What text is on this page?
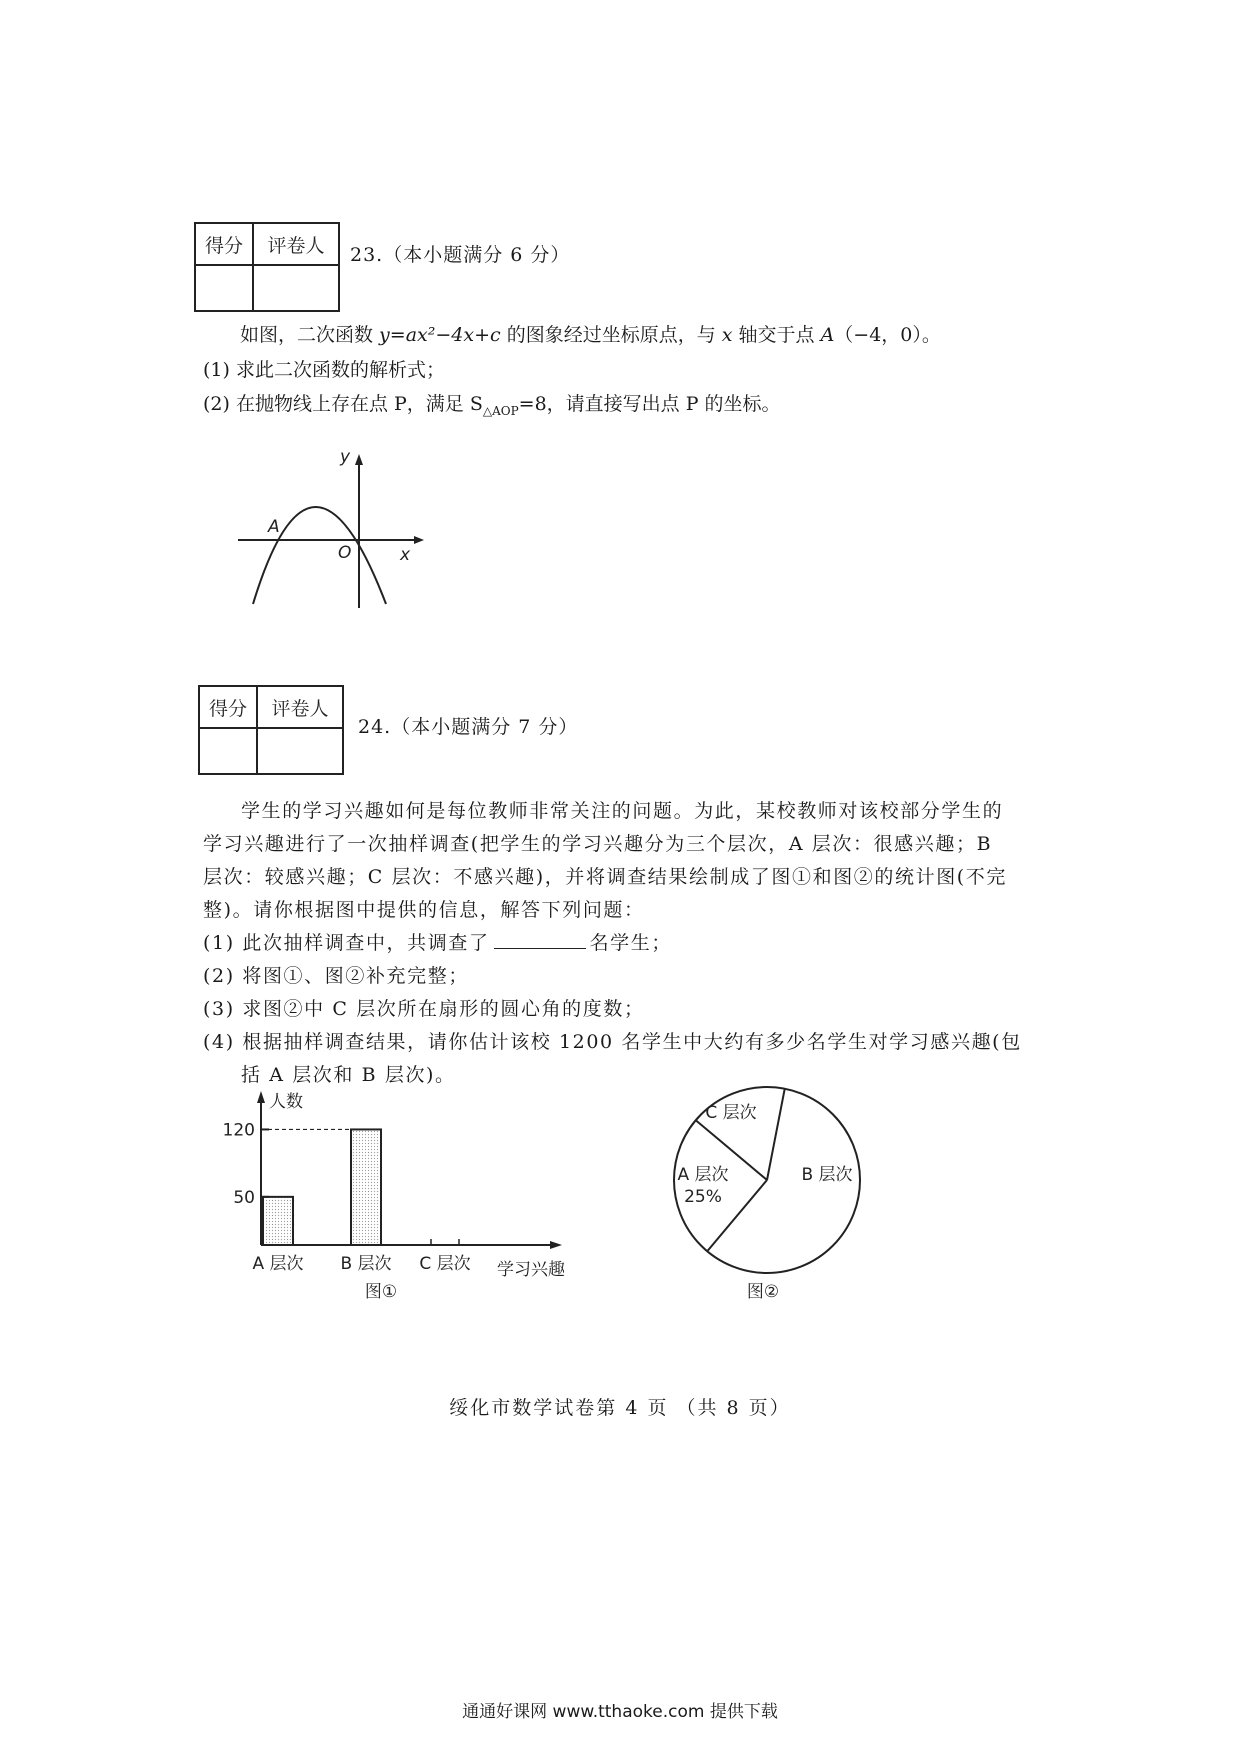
得分	评卷人
	23.（本小题满分 6 分）
如图，二次函数 y=ax²−4x+c 的图象经过坐标原点，与 x 轴交于点 A（−4，0）。
(1) 求此二次函数的解析式；
(2) 在抛物线上存在点 P，满足 $S_{\triangle AOP}=8$，请直接写出点 P 的坐标。
y
x
O
A
得分	评卷人

24.（本小题满分 7 分）
学生的学习兴趣如何是每位教师非常关注的问题。为此，某校教师对该校部分学生的
学习兴趣进行了一次抽样调查(把学生的学习兴趣分为三个层次，A 层次：很感兴趣；B
层次：较感兴趣；C 层次：不感兴趣)，并将调查结果绘制成了图①和图②的统计图(不完
整)。请你根据图中提供的信息，解答下列问题：
(1) 此次抽样调查中，共调查了	名学生；
(2) 将图①、图②补充完整；
(3) 求图②中 C 层次所在扇形的圆心角的度数；
(4) 根据抽样调查结果，请你估计该校 1200 名学生中大约有多少名学生对学习感兴趣(包
括 A 层次和 B 层次)。
A 层次 B 层次 C 层次
50
120
人数
学习兴趣
图①
A 层次
25%
B 层次
C 层次
图②
绥化市数学试卷第 4 页 （共 8 页）
通通好课网 www.tthaoke.com 提供下载
